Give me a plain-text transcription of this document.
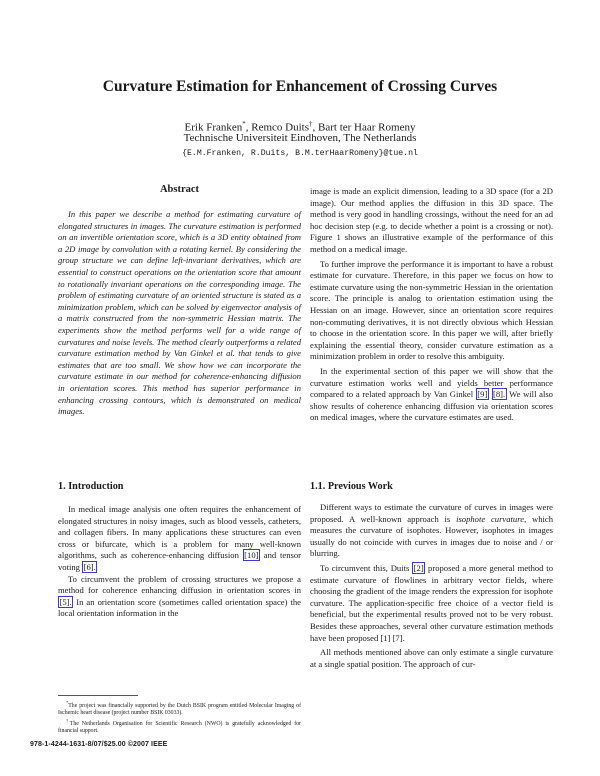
Curvature Estimation for Enhancement of Crossing Curves
Erik Franken*, Remco Duits†, Bart ter Haar Romeny
Technische Universiteit Eindhoven, The Netherlands
{E.M.Franken, R.Duits, B.M.terHaarRomeny}@tue.nl
Abstract
In this paper we describe a method for estimating curvature of elongated structures in images. The curvature estimation is performed on an invertible orientation score, which is a 3D entity obtained from a 2D image by convolution with a rotating kernel. By considering the group structure we can define left-invariant derivatives, which are essential to construct operations on the orientation score that amount to rotationally invariant operations on the corresponding image. The problem of estimating curvature of an oriented structure is stated as a minimization problem, which can be solved by eigenvector analysis of a matrix constructed from the non-symmetric Hessian matrix. The experiments show the method performs well for a wide range of curvatures and noise levels. The method clearly outperforms a related curvature estimation method by Van Ginkel et al. that tends to give estimates that are too small. We show how we can incorporate the curvature estimate in our method for coherence-enhancing diffusion in orientation scores. This method has superior performance in enhancing crossing contours, which is demonstrated on medical images.
1. Introduction

In medical image analysis one often requires the enhancement of elongated structures in noisy images, such as blood vessels, catheters, and collagen fibers. In many applications these structures can even cross or bifurcate, which is a problem for many well-known algorithms, such as coherence-enhancing diffusion [10] and tensor voting [6].

To circumvent the problem of crossing structures we propose a method for coherence enhancing diffusion in orientation scores in [5]. In an orientation score (sometimes called orientation space) the local orientation information in the

*The project was financially supported by the Dutch BSIK program entitled Molecular Imaging of Ischemic heart disease (project number BSIK 03033).

†The Netherlands Organisation for Scientific Research (NWO) is gratefully acknowledged for financial support.

image is made an explicit dimension, leading to a 3D space (for a 2D image). Our method applies the diffusion in this 3D space. The method is very good in handling crossings, without the need for an ad hoc decision step (e.g. to decide whether a point is a crossing or not). Figure 1 shows an illustrative example of the performance of this method on a medical image.

To further improve the performance it is important to have a robust estimate for curvature. Therefore, in this paper we focus on how to estimate curvature using the non-symmetric Hessian in the orientation score. The principle is analog to orientation estimation using the Hessian on an image. However, since an orientation score requires non-commuting derivatives, it is not directly obvious which Hessian to choose in the orientation score. In this paper we will, after briefly explaining the essential theory, consider curvature estimation as a minimization problem in order to resolve this ambiguity.

In the experimental section of this paper we will show that the curvature estimation works well and yields better performance compared to a related approach by Van Ginkel [9] [8]. We will also show results of coherence enhancing diffusion via orientation scores on medical images, where the curvature estimates are used.

1.1. Previous Work

Different ways to estimate the curvature of curves in images were proposed. A well-known approach is isophote curvature, which measures the curvature of isophotes. However, isophotes in images usually do not coincide with curves in images due to noise and / or blurring.

To circumvent this, Duits [2] proposed a more general method to estimate curvature of flowlines in arbitrary vector fields, where choosing the gradient of the image renders the expression for isophote curvature. The application-specific free choice of a vector field is beneficial, but the experimental results proved not to be very robust. Besides these approaches, several other curvature estimation methods have been proposed [1] [7].

All methods mentioned above can only estimate a single curvature at a single spatial position. The approach of cur-

978-1-4244-1631-8/07/$25.00 ©2007 IEEE
